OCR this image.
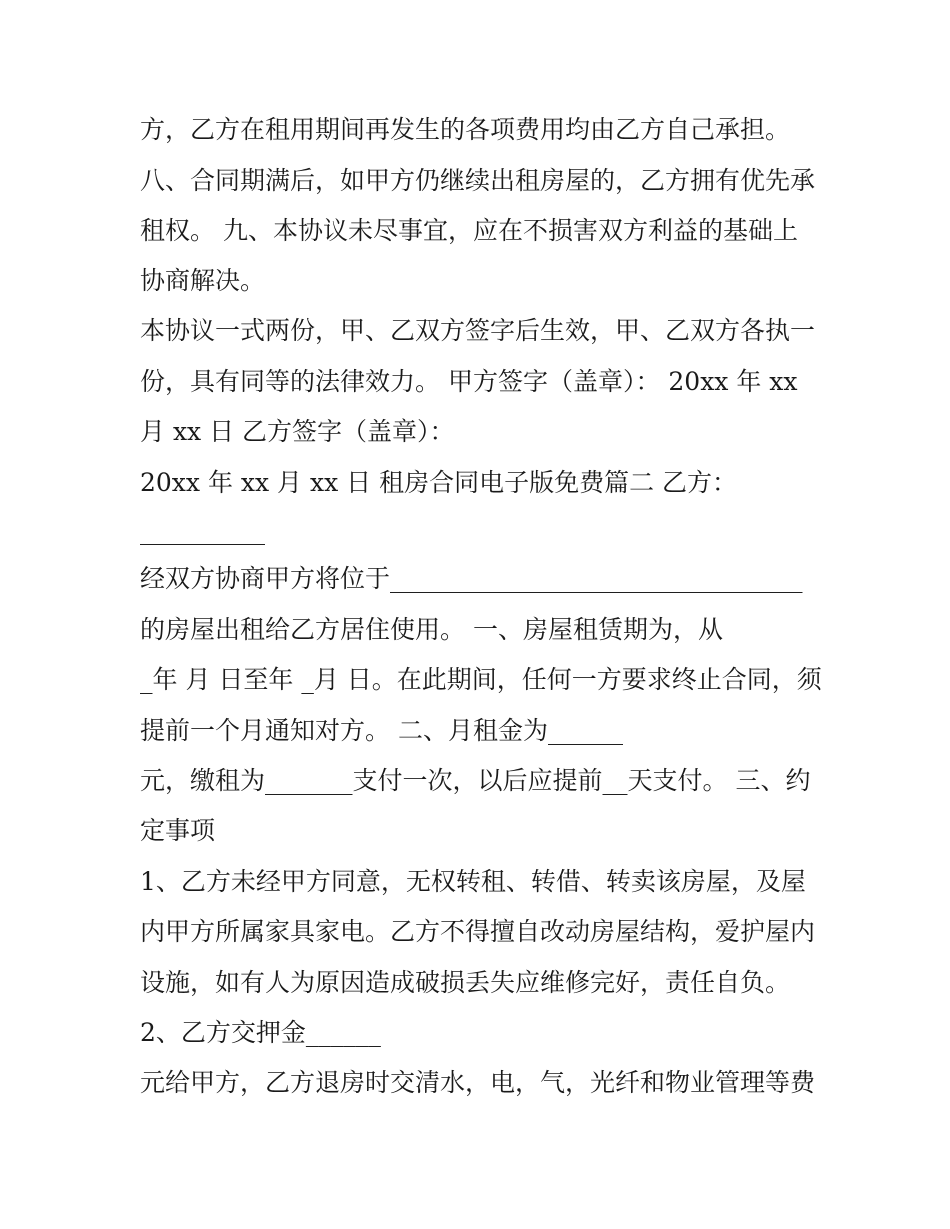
方，乙方在租用期间再发生的各项费用均由乙方自己承担。
八、合同期满后，如甲方仍继续出租房屋的，乙方拥有优先承
租权。 九、本协议未尽事宜，应在不损害双方利益的基础上
协商解决。
本协议一式两份，甲、乙双方签字后生效，甲、乙双方各执一
份，具有同等的法律效力。 甲方签字（盖章）： 20xx 年 xx
月 xx 日 乙方签字（盖章）：
20xx 年 xx 月 xx 日 租房合同电子版免费篇二 乙方：
__________
经双方协商甲方将位于_________________________________
的房屋出租给乙方居住使用。 一、房屋租赁期为，从
_年 月 日至年 _月 日。在此期间，任何一方要求终止合同，须
提前一个月通知对方。 二、月租金为______
元，缴租为_______支付一次，以后应提前__天支付。 三、约
定事项
1、乙方未经甲方同意，无权转租、转借、转卖该房屋，及屋
内甲方所属家具家电。乙方不得擅自改动房屋结构，爱护屋内
设施，如有人为原因造成破损丢失应维修完好，责任自负。
2、乙方交押金______
元给甲方，乙方退房时交清水，电，气，光纤和物业管理等费
